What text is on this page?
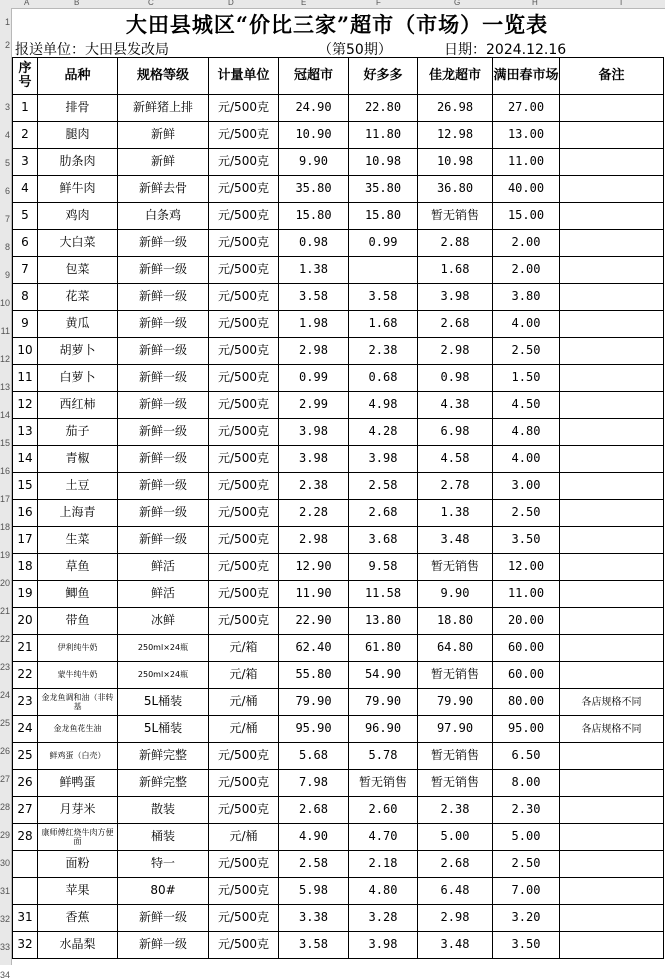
A	B	C	D	E	F	G	H	I
1
2
3
4
5
6
7
8
9
10
11
12
13
14
15
16
17
18
19
20
21
22
23
24
25
26
27
28
29
30
31
32
33
34
大田县城区“价比三家”超市（市场）一览表
报送单位：大田县发改局	（第50期）	日期：2024.12.16
序号	品种	规格等级	计量单位	冠超市	好多多	佳龙超市	满田春市场	备注
1	排骨	新鲜猪上排	元/500克	24.90	22.80	26.98	27.00	
2	腿肉	新鲜	元/500克	10.90	11.80	12.98	13.00	
3	肋条肉	新鲜	元/500克	9.90	10.98	10.98	11.00	
4	鲜牛肉	新鲜去骨	元/500克	35.80	35.80	36.80	40.00	
5	鸡肉	白条鸡	元/500克	15.80	15.80	暂无销售	15.00	
6	大白菜	新鲜一级	元/500克	0.98	0.99	2.88	2.00	
7	包菜	新鲜一级	元/500克	1.38		1.68	2.00	
8	花菜	新鲜一级	元/500克	3.58	3.58	3.98	3.80	
9	黄瓜	新鲜一级	元/500克	1.98	1.68	2.68	4.00	
10	胡萝卜	新鲜一级	元/500克	2.98	2.38	2.98	2.50	
11	白萝卜	新鲜一级	元/500克	0.99	0.68	0.98	1.50	
12	西红柿	新鲜一级	元/500克	2.99	4.98	4.38	4.50	
13	茄子	新鲜一级	元/500克	3.98	4.28	6.98	4.80	
14	青椒	新鲜一级	元/500克	3.98	3.98	4.58	4.00	
15	土豆	新鲜一级	元/500克	2.38	2.58	2.78	3.00	
16	上海青	新鲜一级	元/500克	2.28	2.68	1.38	2.50	
17	生菜	新鲜一级	元/500克	2.98	3.68	3.48	3.50	
18	草鱼	鲜活	元/500克	12.90	9.58	暂无销售	12.00	
19	鲫鱼	鲜活	元/500克	11.90	11.58	9.90	11.00	
20	带鱼	冰鲜	元/500克	22.90	13.80	18.80	20.00	
21	伊利纯牛奶	250ml×24瓶	元/箱	62.40	61.80	64.80	60.00	
22	蒙牛纯牛奶	250ml×24瓶	元/箱	55.80	54.90	暂无销售	60.00	
23	金龙鱼调和油（非转基	5L桶装	元/桶	79.90	79.90	79.90	80.00	各店规格不同
24	金龙鱼花生油	5L桶装	元/桶	95.90	96.90	97.90	95.00	各店规格不同
25	鲜鸡蛋（白壳）	新鲜完整	元/500克	5.68	5.78	暂无销售	6.50	
26	鲜鸭蛋	新鲜完整	元/500克	7.98	暂无销售	暂无销售	8.00	
27	月芽米	散装	元/500克	2.68	2.60	2.38	2.30	
28	康师傅红烧牛肉方便面	桶装	元/桶	4.90	4.70	5.00	5.00	
	面粉	特一	元/500克	2.58	2.18	2.68	2.50	
	苹果	80#	元/500克	5.98	4.80	6.48	7.00	
31	香蕉	新鲜一级	元/500克	3.38	3.28	2.98	3.20	
32	水晶梨	新鲜一级	元/500克	3.58	3.98	3.48	3.50	
